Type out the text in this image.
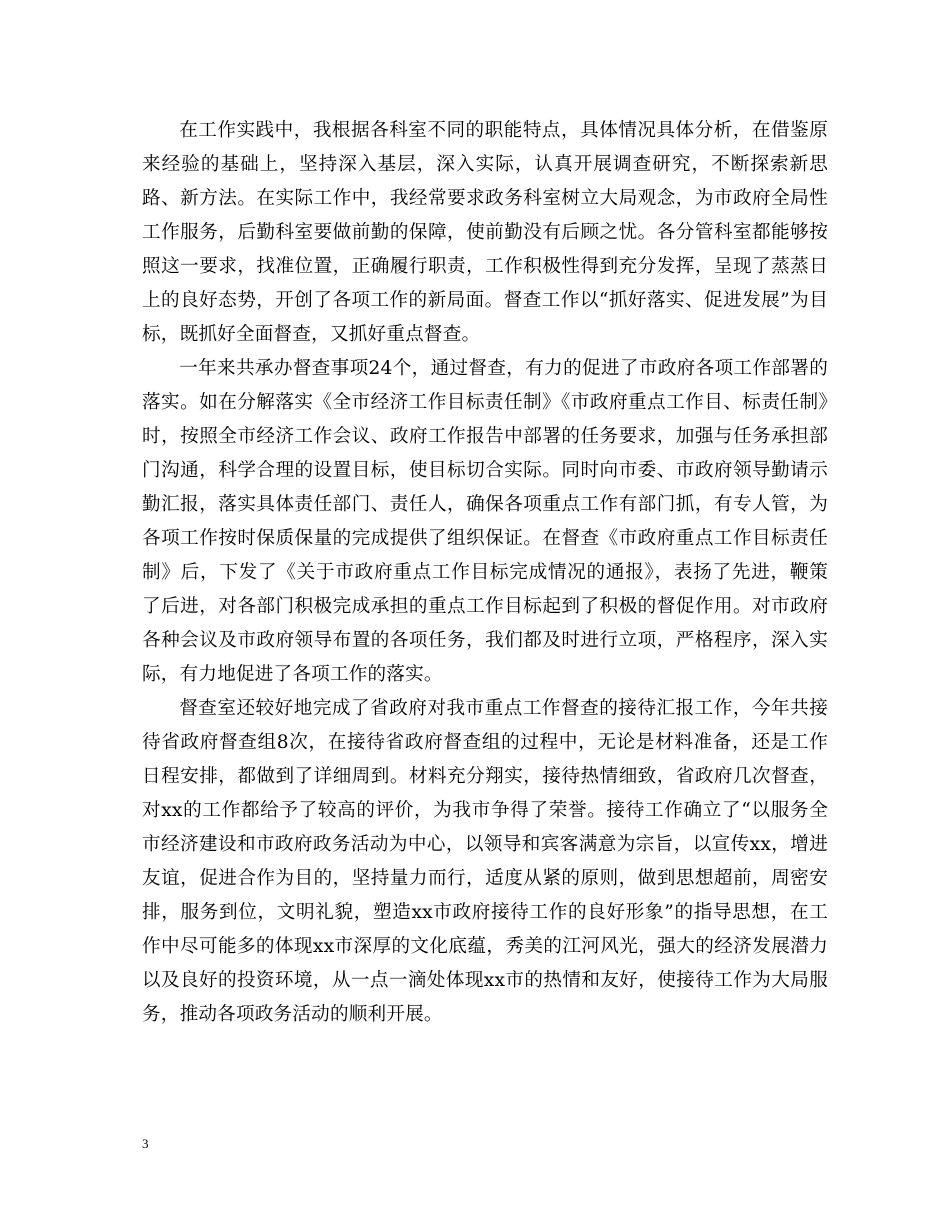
在工作实践中，我根据各科室不同的职能特点，具体情况具体分析，在借鉴原来经验的基础上，坚持深入基层，深入实际，认真开展调查研究，不断探索新思路、新方法。在实际工作中，我经常要求政务科室树立大局观念，为市政府全局性工作服务，后勤科室要做前勤的保障，使前勤没有后顾之忧。各分管科室都能够按照这一要求，找准位置，正确履行职责，工作积极性得到充分发挥，呈现了蒸蒸日上的良好态势，开创了各项工作的新局面。督查工作以“抓好落实、促进发展”为目标，既抓好全面督查，又抓好重点督查。

一年来共承办督查事项24个，通过督查，有力的促进了市政府各项工作部署的落实。如在分解落实《全市经济工作目标责任制》《市政府重点工作目、标责任制》时，按照全市经济工作会议、政府工作报告中部署的任务要求，加强与任务承担部门沟通，科学合理的设置目标，使目标切合实际。同时向市委、市政府领导勤请示勤汇报，落实具体责任部门、责任人，确保各项重点工作有部门抓，有专人管，为各项工作按时保质保量的完成提供了组织保证。在督查《市政府重点工作目标责任制》后，下发了《关于市政府重点工作目标完成情况的通报》，表扬了先进，鞭策了后进，对各部门积极完成承担的重点工作目标起到了积极的督促作用。对市政府各种会议及市政府领导布置的各项任务，我们都及时进行立项，严格程序，深入实际，有力地促进了各项工作的落实。

督查室还较好地完成了省政府对我市重点工作督查的接待汇报工作，今年共接待省政府督查组8次，在接待省政府督查组的过程中，无论是材料准备，还是工作日程安排，都做到了详细周到。材料充分翔实，接待热情细致，省政府几次督查，对xx的工作都给予了较高的评价，为我市争得了荣誉。接待工作确立了“以服务全市经济建设和市政府政务活动为中心，以领导和宾客满意为宗旨，以宣传xx，增进友谊，促进合作为目的，坚持量力而行，适度从紧的原则，做到思想超前，周密安排，服务到位，文明礼貌，塑造xx市政府接待工作的良好形象”的指导思想，在工作中尽可能多的体现xx市深厚的文化底蕴，秀美的江河风光，强大的经济发展潜力以及良好的投资环境，从一点一滴处体现xx市的热情和友好，使接待工作为大局服务，推动各项政务活动的顺利开展。

3
